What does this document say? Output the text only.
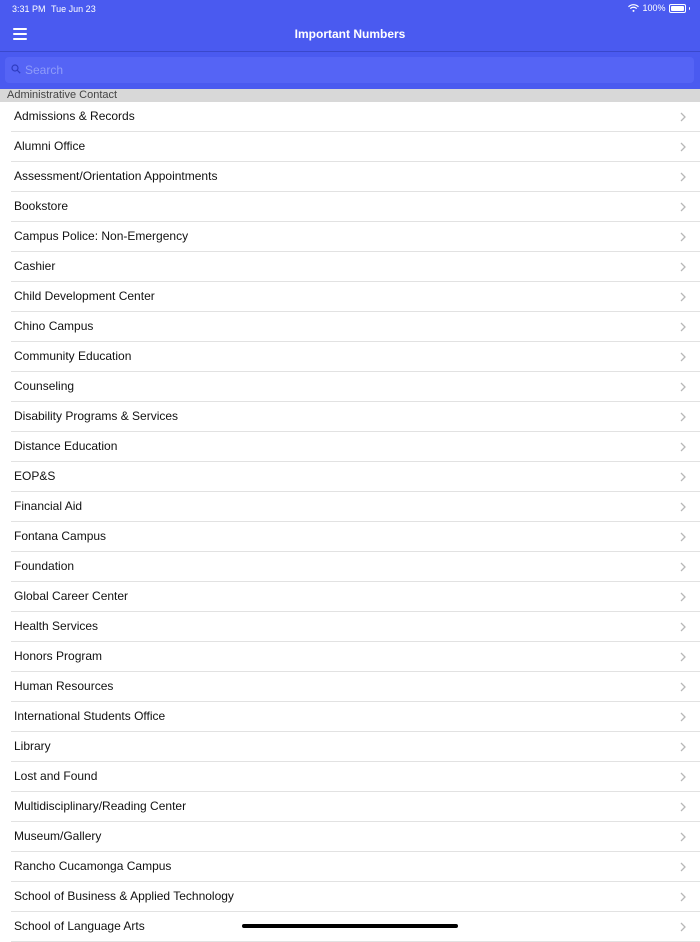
3:31 PM Tue Jun 23	100%
Important Numbers
Search
Administrative Contact
Admissions & Records
Alumni Office
Assessment/Orientation Appointments
Bookstore
Campus Police: Non-Emergency
Cashier
Child Development Center
Chino Campus
Community Education
Counseling
Disability Programs & Services
Distance Education
EOP&S
Financial Aid
Fontana Campus
Foundation
Global Career Center
Health Services
Honors Program
Human Resources
International Students Office
Library
Lost and Found
Multidisciplinary/Reading Center
Museum/Gallery
Rancho Cucamonga Campus
School of Business & Applied Technology
School of Language Arts
